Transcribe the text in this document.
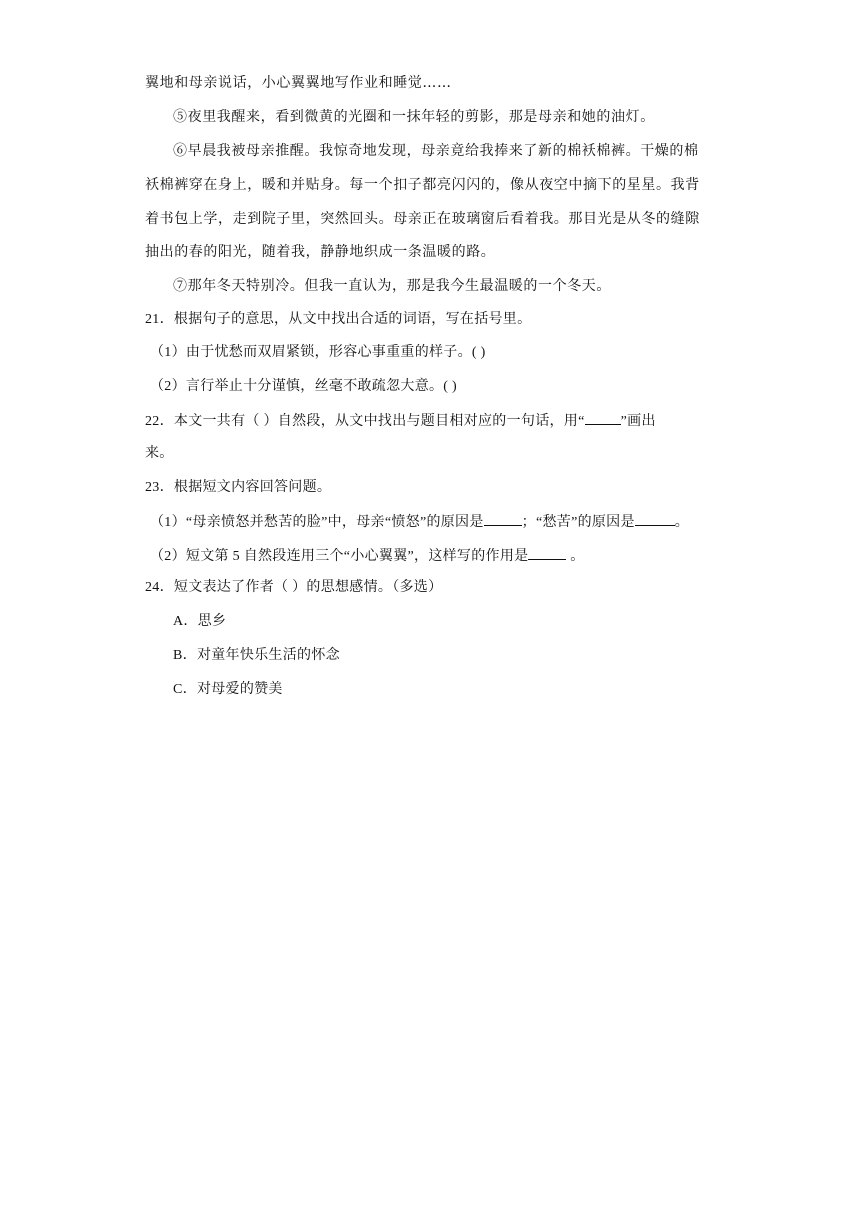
翼地和母亲说话，小心翼翼地写作业和睡觉……
⑤夜里我醒来，看到微黄的光圈和一抹年轻的剪影，那是母亲和她的油灯。
⑥早晨我被母亲推醒。我惊奇地发现，母亲竟给我捧来了新的棉袄棉裤。干燥的棉
袄棉裤穿在身上，暖和并贴身。每一个扣子都亮闪闪的，像从夜空中摘下的星星。我背
着书包上学，走到院子里，突然回头。母亲正在玻璃窗后看着我。那目光是从冬的缝隙
抽出的春的阳光，随着我，静静地织成一条温暖的路。
⑦那年冬天特别冷。但我一直认为，那是我今生最温暖的一个冬天。
21．根据句子的意思，从文中找出合适的词语，写在括号里。
（1）由于忧愁而双眉紧锁，形容心事重重的样子。( )
（2）言行举止十分谨慎，丝毫不敢疏忽大意。( )
22．本文一共有（ ）自然段，从文中找出与题目相对应的一句话，用“	”画出
来。
23．根据短文内容回答问题。
（1）“母亲愤怒并愁苦的脸”中，母亲“愤怒”的原因是	；“愁苦”的原因是	。
（2）短文第 5 自然段连用三个“小心翼翼”，这样写的作用是	。
24．短文表达了作者（ ）的思想感情。（多选）
A．思乡
B．对童年快乐生活的怀念
C．对母爱的赞美
